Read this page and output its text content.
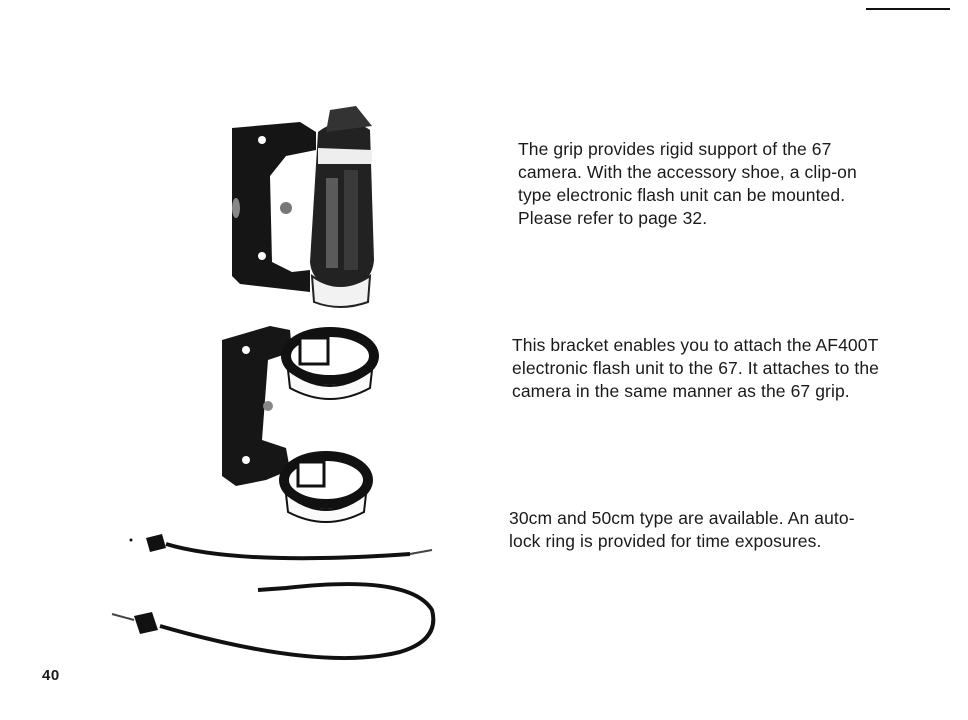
The grip provides rigid support of the 67
camera. With the accessory shoe, a clip-on
type electronic flash unit can be mounted.
Please refer to page 32.
This bracket enables you to attach the AF400T
electronic flash unit to the 67. It attaches to the
camera in the same manner as the 67 grip.
30cm and 50cm type are available. An auto-
lock ring is provided for time exposures.
40
